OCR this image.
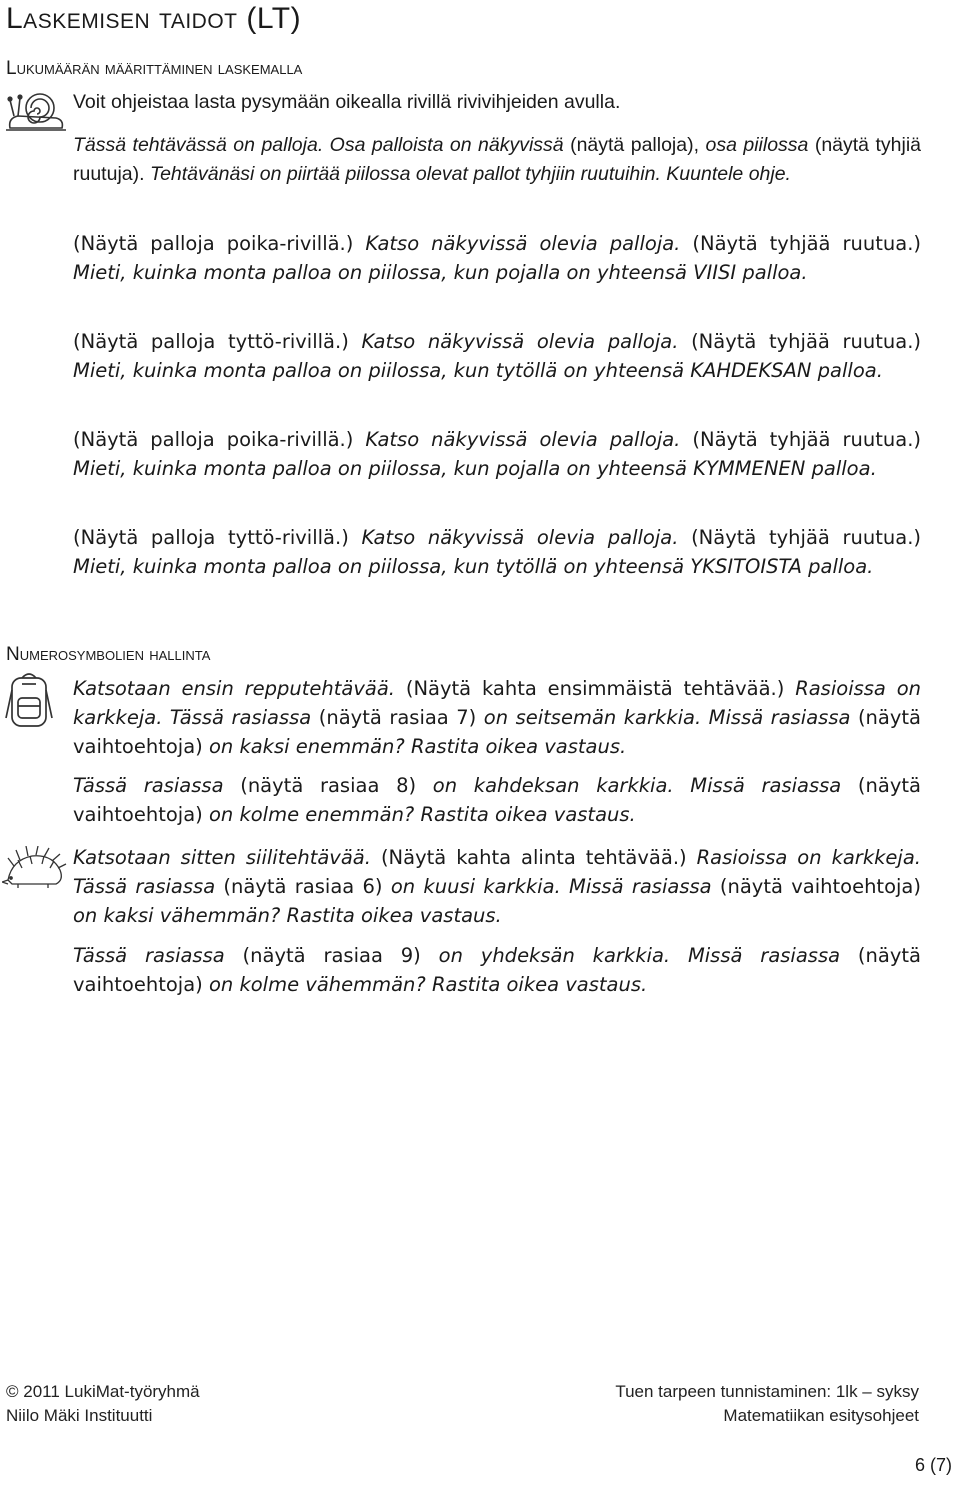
Laskemisen taidot (LT)
Lukumäärän määrittäminen laskemalla
Voit ohjeistaa lasta pysymään oikealla rivillä rivivihjeiden avulla.
Tässä tehtävässä on palloja. Osa palloista on näkyvissä (näytä palloja), osa piilossa (näytä tyhjiä ruutuja). Tehtävänäsi on piirtää piilossa olevat pallot tyhjiin ruutuihin. Kuuntele ohje.
(Näytä palloja poika-rivillä.) Katso näkyvissä olevia palloja. (Näytä tyhjää ruutua.) Mieti, kuinka monta palloa on piilossa, kun pojalla on yhteensä VIISI palloa.
(Näytä palloja tyttö-rivillä.) Katso näkyvissä olevia palloja. (Näytä tyhjää ruutua.) Mieti, kuinka monta palloa on piilossa, kun tytöllä on yhteensä KAHDEKSAN palloa.
(Näytä palloja poika-rivillä.) Katso näkyvissä olevia palloja. (Näytä tyhjää ruutua.) Mieti, kuinka monta palloa on piilossa, kun pojalla on yhteensä KYMMENEN palloa.
(Näytä palloja tyttö-rivillä.) Katso näkyvissä olevia palloja. (Näytä tyhjää ruutua.) Mieti, kuinka monta palloa on piilossa, kun tytöllä on yhteensä YKSITOISTA palloa.
Numerosymbolien hallinta
Katsotaan ensin repputehtävää. (Näytä kahta ensimmäistä tehtävää.) Rasioissa on karkkeja. Tässä rasiassa (näytä rasiaa 7) on seitsemän karkkia. Missä rasiassa (näytä vaihtoehtoja) on kaksi enemmän? Rastita oikea vastaus.
Tässä rasiassa (näytä rasiaa 8) on kahdeksan karkkia. Missä rasiassa (näytä vaihtoehtoja) on kolme enemmän? Rastita oikea vastaus.
Katsotaan sitten siilitehtävää. (Näytä kahta alinta tehtävää.) Rasioissa on karkkeja. Tässä rasiassa (näytä rasiaa 6) on kuusi karkkia. Missä rasiassa (näytä vaihtoehtoja) on kaksi vähemmän? Rastita oikea vastaus.
Tässä rasiassa (näytä rasiaa 9) on yhdeksän karkkia. Missä rasiassa (näytä vaihtoehtoja) on kolme vähemmän? Rastita oikea vastaus.
© 2011 LukiMat-työryhmä
Niilo Mäki Instituutti
Tuen tarpeen tunnistaminen: 1lk – syksy
Matematiikan esitysohjeet
6 (7)
